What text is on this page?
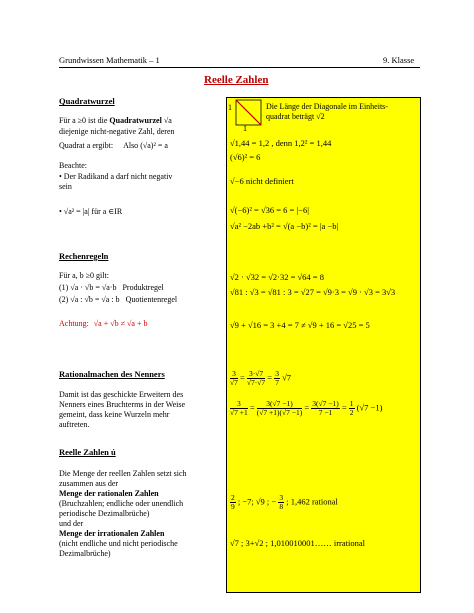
Grundwissen Mathematik – 1	9. Klasse
Reelle Zahlen
Quadratwurzel
Für a ≥0 ist die Quadratwurzel √a
diejenige nicht-negative Zahl, deren
Quadrat a ergibt: Also (√a)² = a
Beachte:
• Der Radikand a darf nicht negativ
sein
• √a² = |a| für a ∈IR
Rechenregeln
Für a, b ≥0 gilt:
(1) √a · √b = √a·b Produktregel
(2) √a : √b = √a : b Quotientenregel
Achtung: √a + √b ≠ √a + b
Rationalmachen des Nenners
Damit ist das geschickte Erweitern des
Nenners eines Bruchterms in der Weise
gemeint, dass keine Wurzeln mehr
auftreten.
Reelle Zahlen ú
Die Menge der reellen Zahlen setzt sich
zusammen aus der
Menge der rationalen Zahlen
(Bruchzahlen; endliche oder unendlich
periodische Dezimalbrüche)
und der
Menge der irrationalen Zahlen
(nicht endliche und nicht periodische
Dezimalbrüche)
1
1
Die Länge der Diagonale im Einheits-
quadrat beträgt √2
√1,44 = 1,2 , denn 1,2² = 1,44
(√6)² = 6
√−6 nicht definiert
√(−6)² = √36 = 6 = |−6|
√a² −2ab +b² = √(a −b)² = |a −b|
√2 · √32 = √2·32 = √64 = 8
√81 : √3 = √81 : 3 = √27 = √9·3 = √9 · √3 = 3√3
√9 + √16 = 3 +4 = 7 ≠ √9 + 16 = √25 = 5
$\frac{3}{√7} = \frac{3\cdot√7}{√7\cdot√7} = \frac{3}{7} √7$
$\frac{3}{√7 +1} = \frac{3(√7 -1)}{(√7 +1)(√7 -1)} = \frac{3(√7 -1)}{7 -1} = \frac{1}{2} (√7 -1)$
$\frac{2}{9}$ ; −7; √9 ; − $\frac{3}{8}$ ; 1,462 rational
√7 ; 3+√2 ; 1,010010001…… irrational
